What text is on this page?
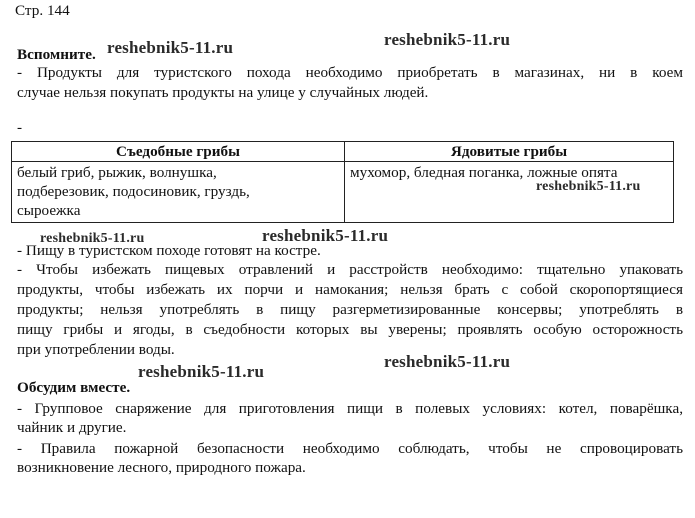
Стр. 144
Вспомните.
- Продукты для туристского похода необходимо приобретать в магазинах, ни в коем
случае нельзя покупать продукты на улице у случайных людей.
-
Съедобные грибы	Ядовитые грибы

белый гриб, рыжик, волнушка,
подберезовик, подосиновик, груздь,
сыроежка	мухомор, бледная поганка, ложные опята
- Пищу в туристском походе готовят на костре.
- Чтобы избежать пищевых отравлений и расстройств необходимо: тщательно упаковать
продукты, чтобы избежать их порчи и намокания; нельзя брать с собой скоропортящиеся
продукты; нельзя употреблять в пищу разгерметизированные консервы; употреблять в
пищу грибы и ягоды, в съедобности которых вы уверены; проявлять особую осторожность
при употреблении воды.
Обсудим вместе.
- Групповое снаряжение для приготовления пищи в полевых условиях: котел, поварёшка,
чайник и другие.
- Правила пожарной безопасности необходимо соблюдать, чтобы не спровоцировать
возникновение лесного, природного пожара.
reshebnik5-11.ru	reshebnik5-11.ru
reshebnik5-11.ru
reshebnik5-11.ru	reshebnik5-11.ru
reshebnik5-11.ru
reshebnik5-11.ru
